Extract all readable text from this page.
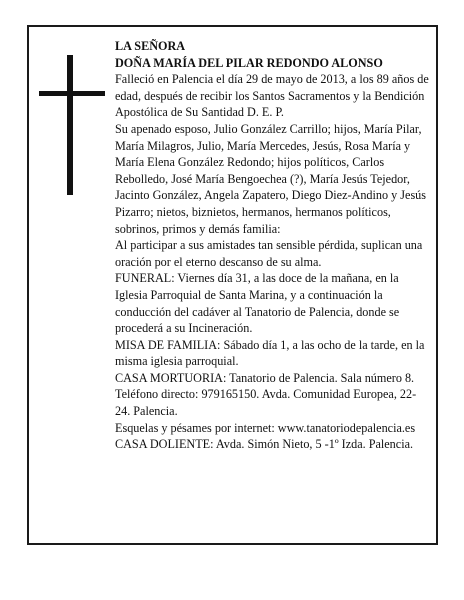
LA SEÑORA

DOÑA MARÍA DEL PILAR REDONDO ALONSO

Falleció en Palencia el día 29 de mayo de 2013, a los 89 años de edad, después de recibir los Santos Sacramentos y la Bendición Apostólica de Su Santidad D. E. P.

Su apenado esposo, Julio González Carrillo; hijos, María Pilar, María Milagros, Julio, María Mercedes, Jesús, Rosa María y María Elena González Redondo; hijos políticos, Carlos Rebolledo, José María Bengoechea (?), María Jesús Tejedor, Jacinto González, Angela Zapatero, Diego Diez-Andino y Jesús Pizarro; nietos, biznietos, hermanos, hermanos políticos, sobrinos, primos y demás familia:

Al participar a sus amistades tan sensible pérdida, suplican una oración por el eterno descanso de su alma.

FUNERAL: Viernes día 31, a las doce de la mañana, en la Iglesia Parroquial de Santa Marina, y a continuación la conducción del cadáver al Tanatorio de Palencia, donde se procederá a su Incineración.

MISA DE FAMILIA: Sábado día 1, a las ocho de la tarde, en la misma iglesia parroquial.

CASA MORTUORIA: Tanatorio de Palencia. Sala número 8. Teléfono directo: 979165150. Avda. Comunidad Europea, 22-24. Palencia.

Esquelas y pésames por internet: www.tanatoriodepalencia.es

CASA DOLIENTE: Avda. Simón Nieto, 5 -1º Izda. Palencia.
